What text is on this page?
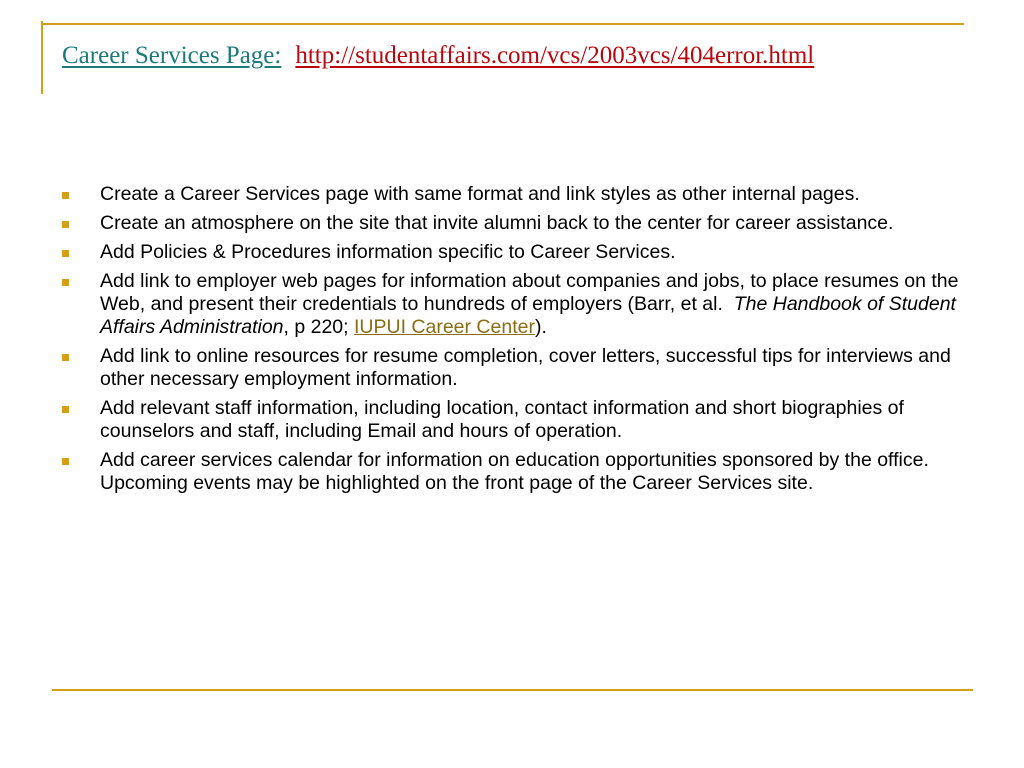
Career Services Page: http://studentaffairs.com/vcs/2003vcs/404error.html
Create a Career Services page with same format and link styles as other internal pages.
Create an atmosphere on the site that invite alumni back to the center for career assistance.
Add Policies & Procedures information specific to Career Services.
Add link to employer web pages for information about companies and jobs, to place resumes on the Web, and present their credentials to hundreds of employers (Barr, et al.  The Handbook of Student Affairs Administration, p 220; IUPUI Career Center).
Add link to online resources for resume completion, cover letters, successful tips for interviews and other necessary employment information.
Add relevant staff information, including location, contact information and short biographies of counselors and staff, including Email and hours of operation.
Add career services calendar for information on education opportunities sponsored by the office.  Upcoming events may be highlighted on the front page of the Career Services site.
